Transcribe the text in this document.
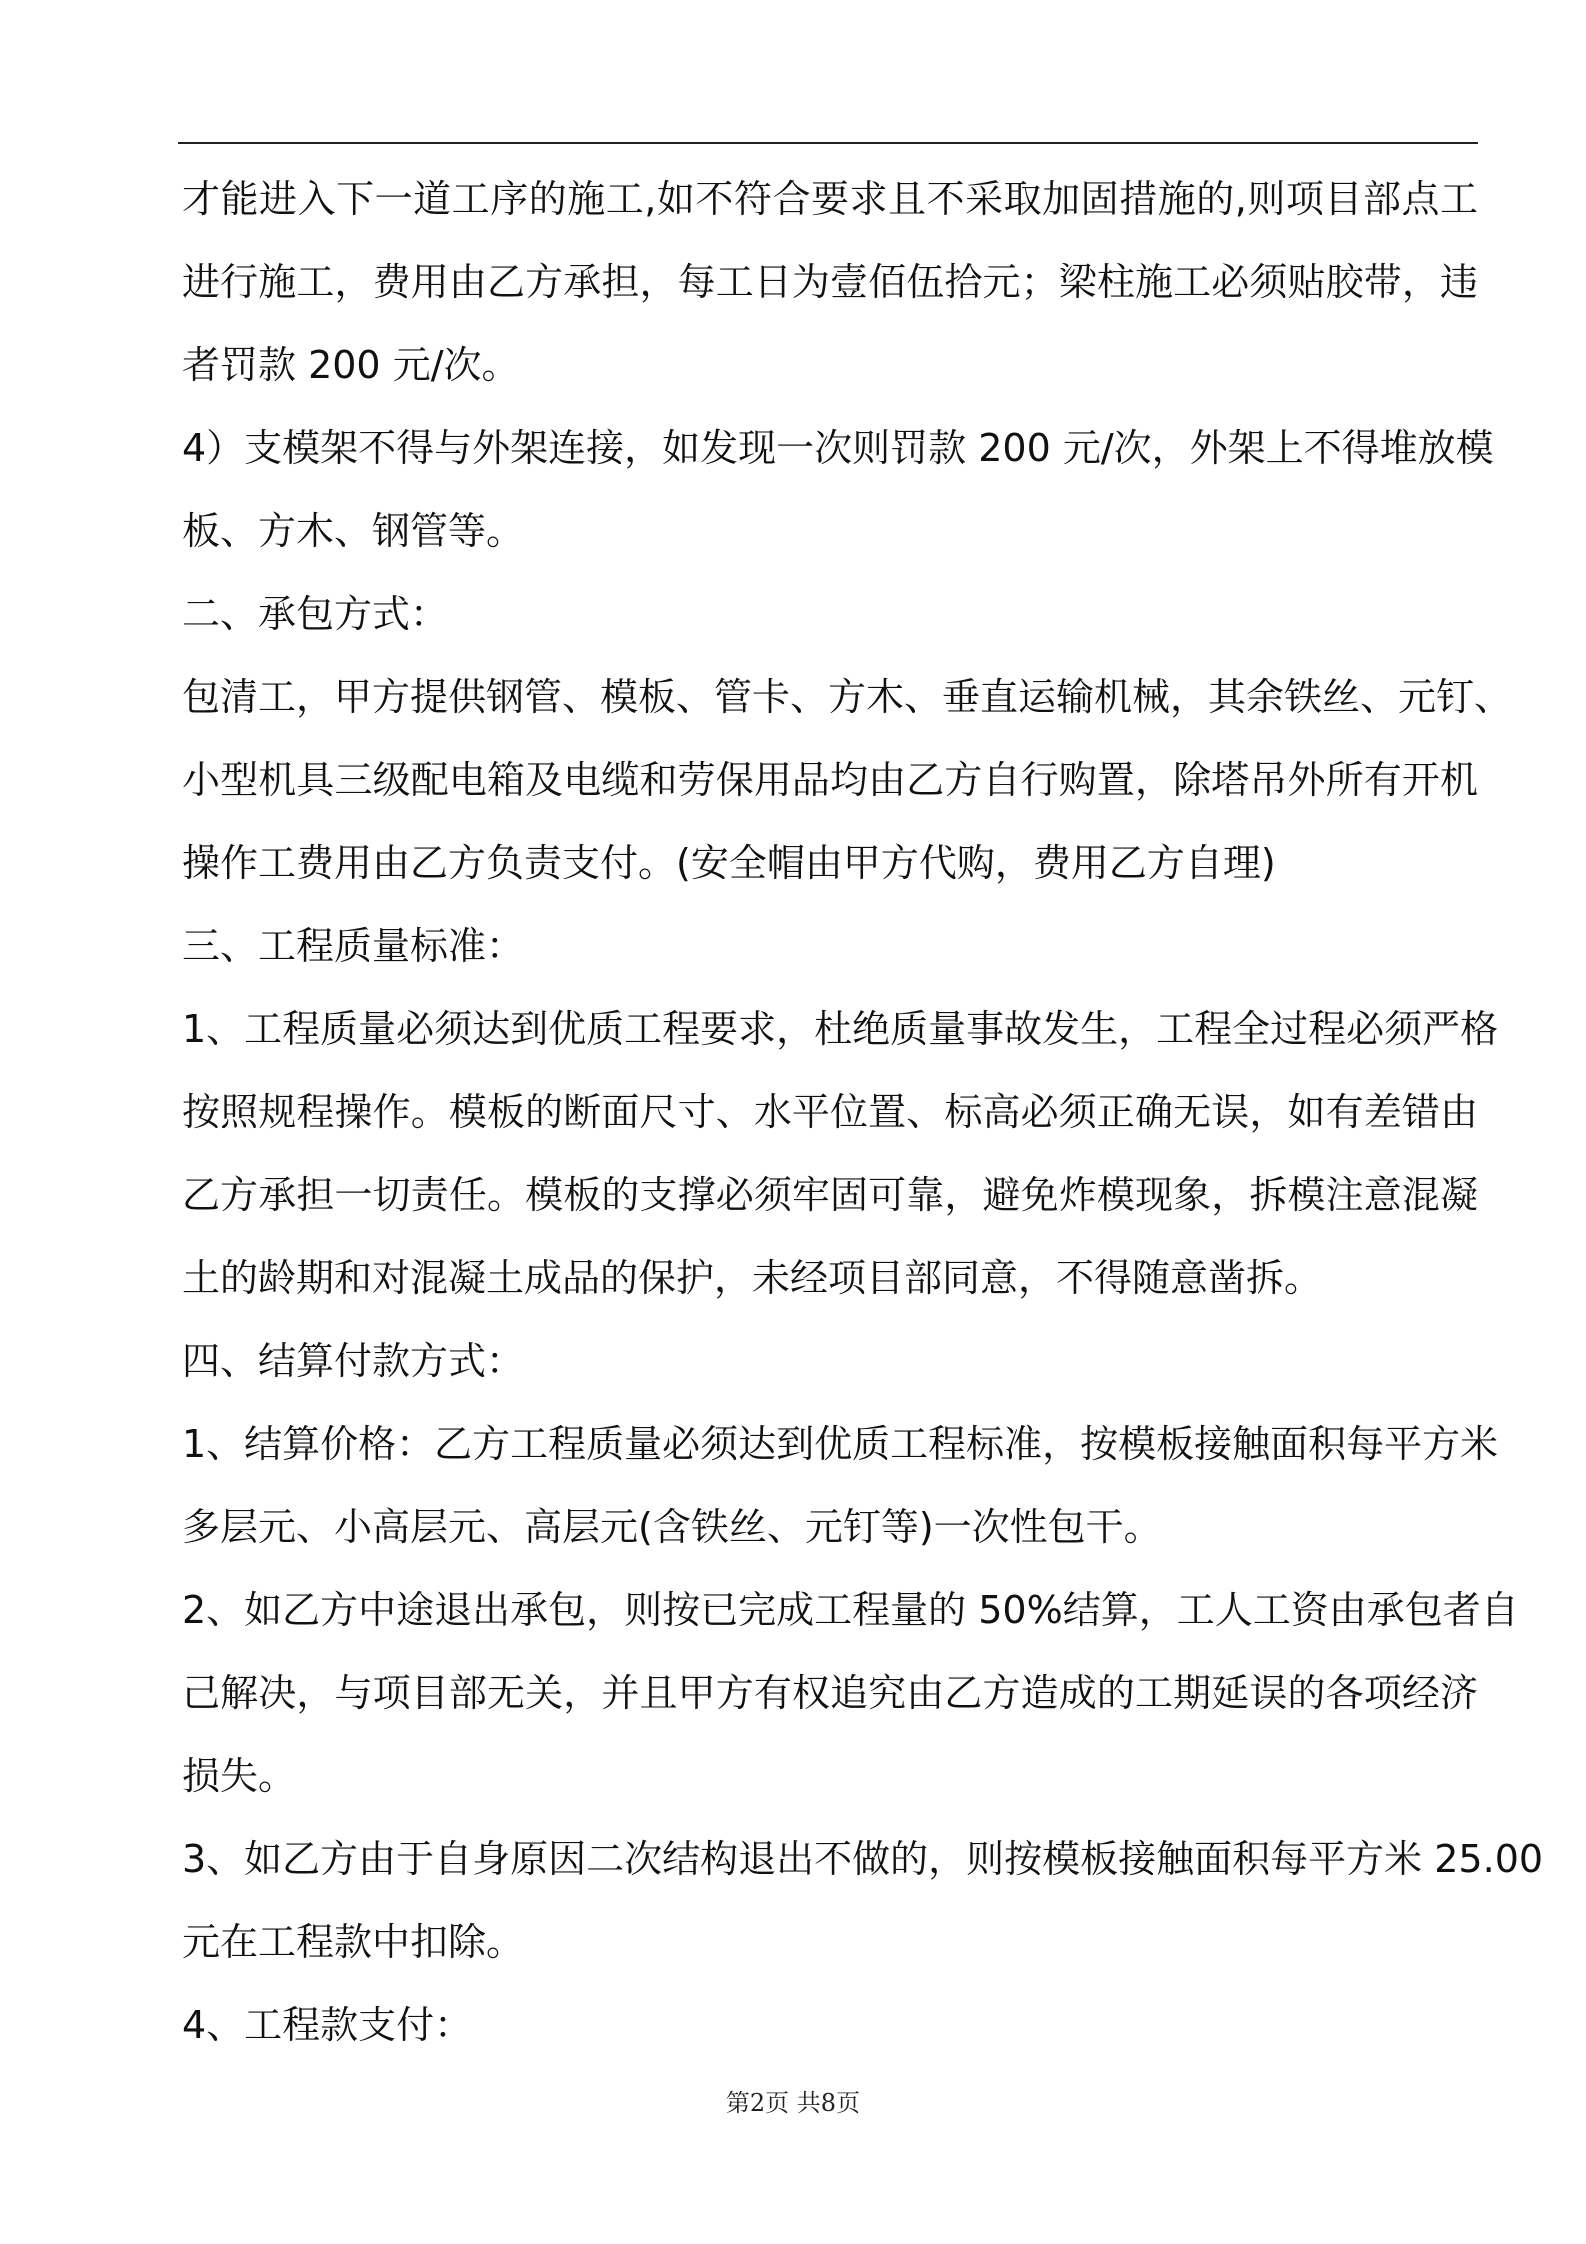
才能进入下一道工序的施工,如不符合要求且不采取加固措施的,则项目部点工
进行施工，费用由乙方承担，每工日为壹佰伍拾元；梁柱施工必须贴胶带，违
者罚款 200 元/次。
4）支模架不得与外架连接，如发现一次则罚款 200 元/次，外架上不得堆放模
板、方木、钢管等。
二、承包方式：
包清工，甲方提供钢管、模板、管卡、方木、垂直运输机械，其余铁丝、元钉、
小型机具三级配电箱及电缆和劳保用品均由乙方自行购置，除塔吊外所有开机
操作工费用由乙方负责支付。(安全帽由甲方代购，费用乙方自理)
三、工程质量标准：
1、工程质量必须达到优质工程要求，杜绝质量事故发生，工程全过程必须严格
按照规程操作。模板的断面尺寸、水平位置、标高必须正确无误，如有差错由
乙方承担一切责任。模板的支撑必须牢固可靠，避免炸模现象，拆模注意混凝
土的龄期和对混凝土成品的保护，未经项目部同意，不得随意凿拆。
四、结算付款方式：
1、结算价格：乙方工程质量必须达到优质工程标准，按模板接触面积每平方米
多层元、小高层元、高层元(含铁丝、元钉等)一次性包干。
2、如乙方中途退出承包，则按已完成工程量的 50%结算，工人工资由承包者自
己解决，与项目部无关，并且甲方有权追究由乙方造成的工期延误的各项经济
损失。
3、如乙方由于自身原因二次结构退出不做的，则按模板接触面积每平方米 25.00
元在工程款中扣除。
4、工程款支付：
第2页 共8页
